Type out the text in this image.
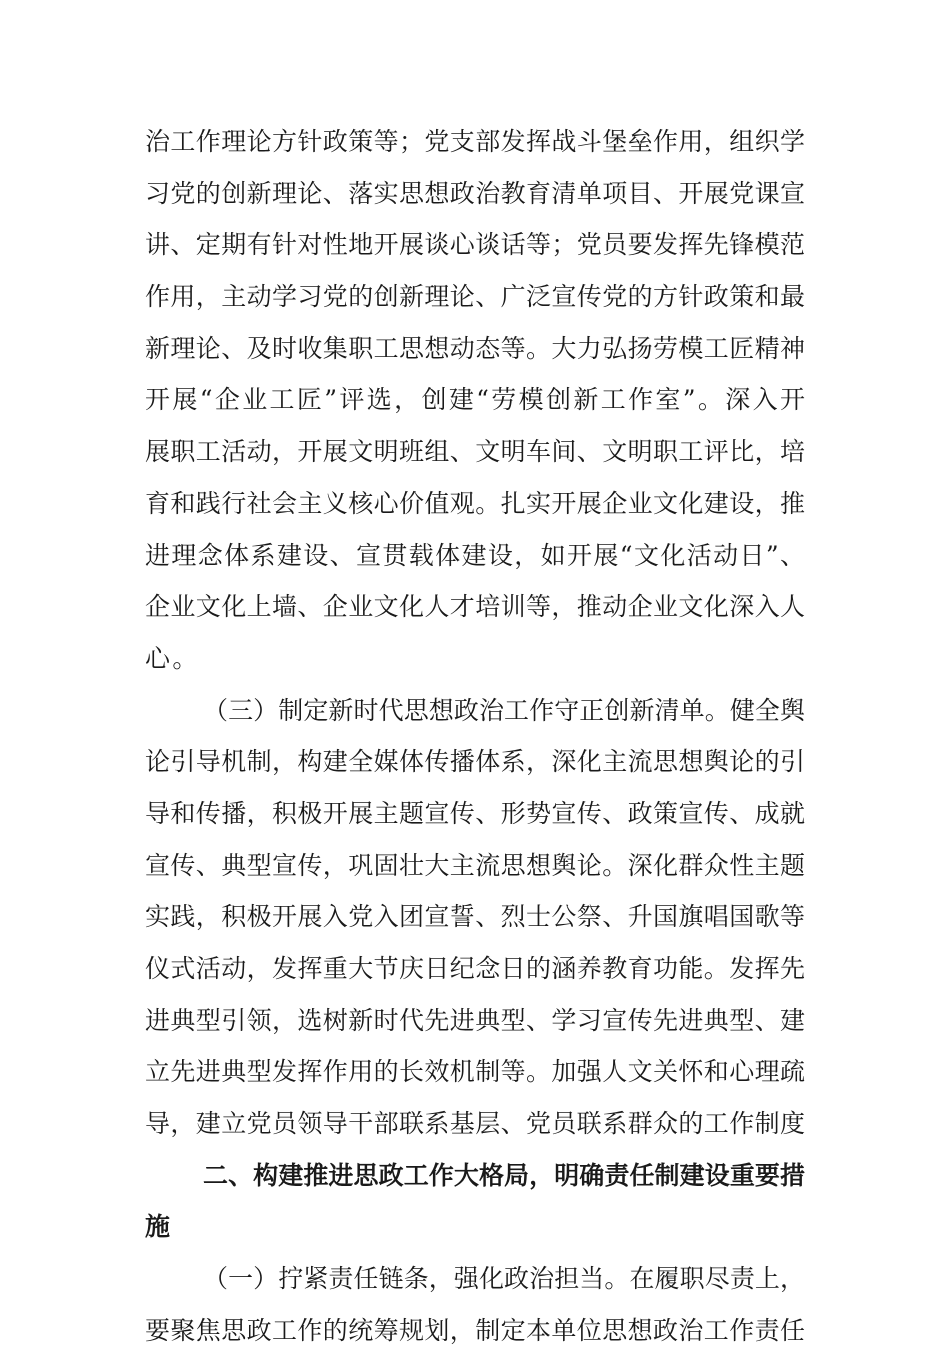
治工作理论方针政策等；党支部发挥战斗堡垒作用，组织学
习党的创新理论、落实思想政治教育清单项目、开展党课宣
讲、定期有针对性地开展谈心谈话等；党员要发挥先锋模范
作用，主动学习党的创新理论、广泛宣传党的方针政策和最
新理论、及时收集职工思想动态等。大力弘扬劳模工匠精神
开展“企业工匠”评选，创建“劳模创新工作室”。深入开
展职工活动，开展文明班组、文明车间、文明职工评比，培
育和践行社会主义核心价值观。扎实开展企业文化建设，推
进理念体系建设、宣贯载体建设，如开展“文化活动日”、
企业文化上墙、企业文化人才培训等，推动企业文化深入人
心。
（三）制定新时代思想政治工作守正创新清单。健全舆
论引导机制，构建全媒体传播体系，深化主流思想舆论的引
导和传播，积极开展主题宣传、形势宣传、政策宣传、成就
宣传、典型宣传，巩固壮大主流思想舆论。深化群众性主题
实践，积极开展入党入团宣誓、烈士公祭、升国旗唱国歌等
仪式活动，发挥重大节庆日纪念日的涵养教育功能。发挥先
进典型引领，选树新时代先进典型、学习宣传先进典型、建
立先进典型发挥作用的长效机制等。加强人文关怀和心理疏
导，建立党员领导干部联系基层、党员联系群众的工作制度
二、构建推进思政工作大格局，明确责任制建设重要措
施
（一）拧紧责任链条，强化政治担当。在履职尽责上，
要聚焦思政工作的统筹规划，制定本单位思想政治工作责任
